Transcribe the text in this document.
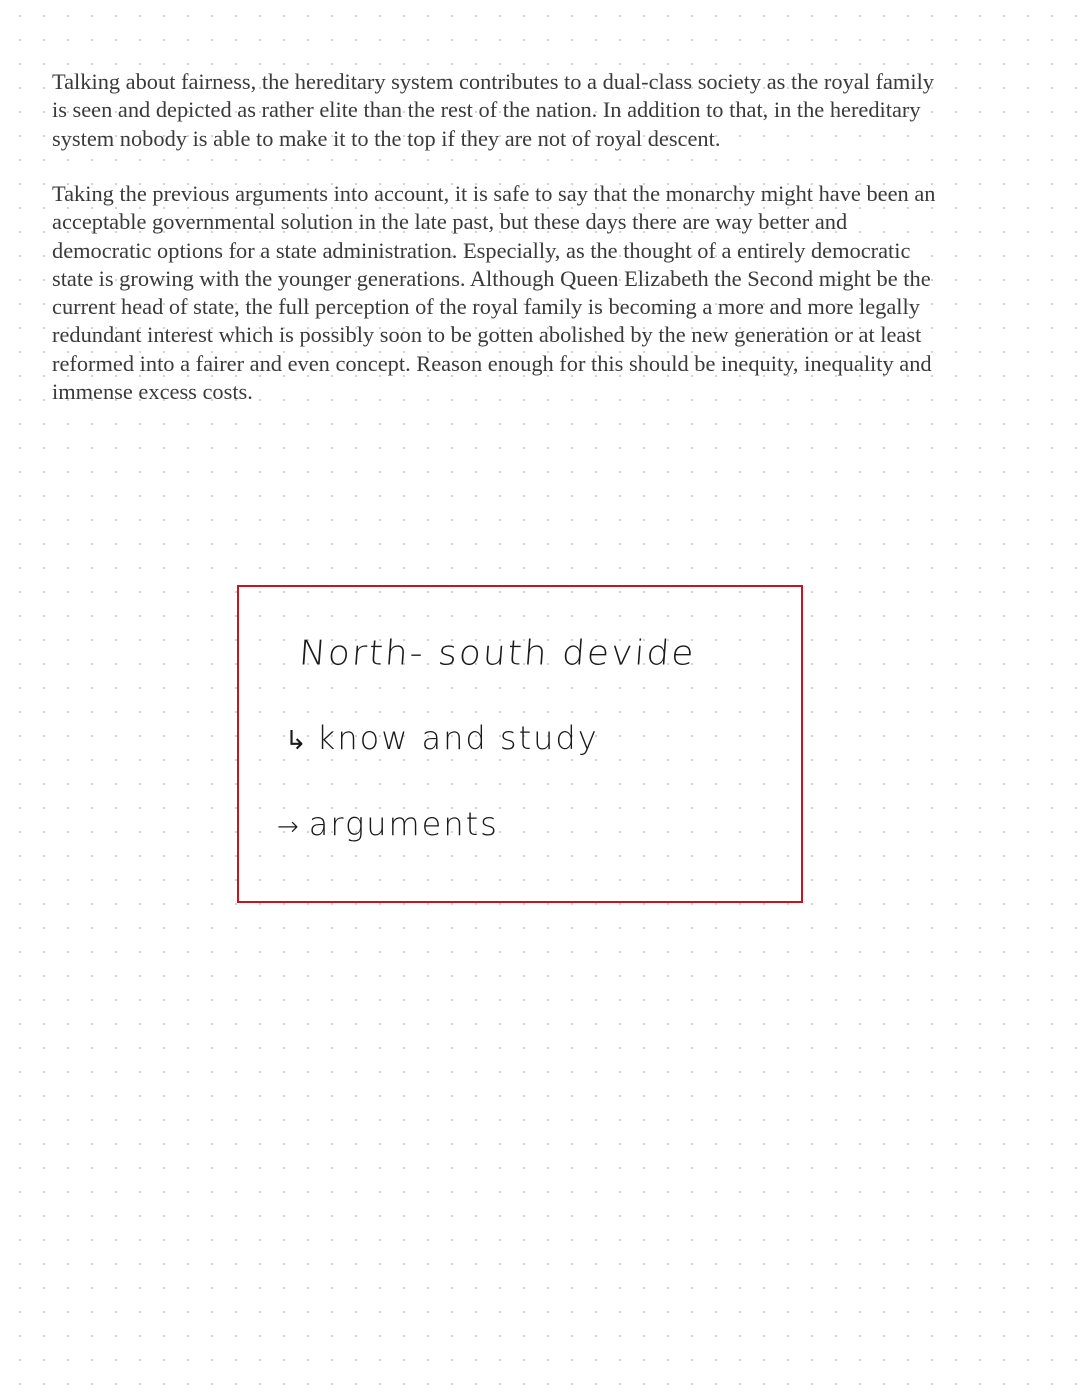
Talking about fairness, the hereditary system contributes to a dual-class society as the royal family
is seen and depicted as rather elite than the rest of the nation. In addition to that, in the hereditary
system nobody is able to make it to the top if they are not of royal descent.

Taking the previous arguments into account, it is safe to say that the monarchy might have been an
acceptable governmental solution in the late past, but these days there are way better and
democratic options for a state administration. Especially, as the thought of a entirely democratic
state is growing with the younger generations. Although Queen Elizabeth the Second might be the
current head of state, the full perception of the royal family is becoming a more and more legally
redundant interest which is possibly soon to be gotten abolished by the new generation or at least
reformed into a fairer and even concept. Reason enough for this should be inequity, inequality and
immense excess costs.

North- south devide
↳ know and study
→ arguments
